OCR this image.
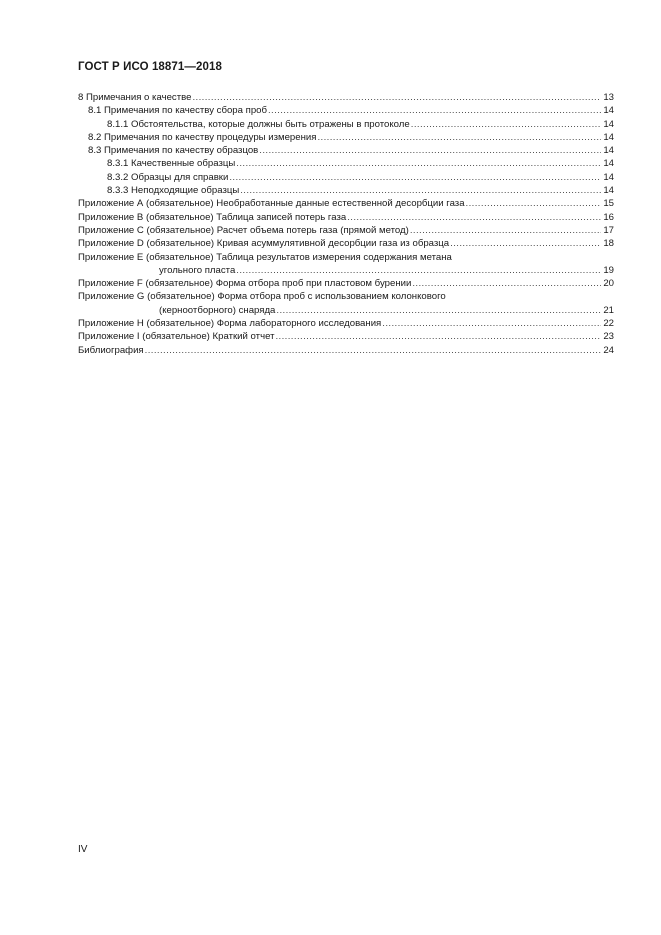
ГОСТ Р ИСО 18871—2018
8 Примечания о качестве .....	13
8.1 Примечания по качеству сбора проб .....	14
8.1.1 Обстоятельства, которые должны быть отражены в протоколе .....	14
8.2 Примечания по качеству процедуры измерения .....	14
8.3 Примечания по качеству образцов .....	14
8.3.1 Качественные образцы .....	14
8.3.2 Образцы для справки .....	14
8.3.3 Неподходящие образцы .....	14
Приложение А (обязательное) Необработанные данные естественной десорбции газа .....	15
Приложение В (обязательное) Таблица записей потерь газа .....	16
Приложение С (обязательное) Расчет объема потерь газа (прямой метод) .....	17
Приложение D (обязательное) Кривая асуммулятивной десорбции газа из образца .....	18
Приложение Е (обязательное) Таблица результатов измерения содержания метана
угольного пласта .....	19
Приложение F (обязательное) Форма отбора проб при пластовом бурении .....	20
Приложение G (обязательное) Форма отбора проб с использованием колонкового
(керноотборного) снаряда .....	21
Приложение Н (обязательное) Форма лабораторного исследования .....	22
Приложение I (обязательное) Краткий отчет .....	23
Библиография .....	24
IV
